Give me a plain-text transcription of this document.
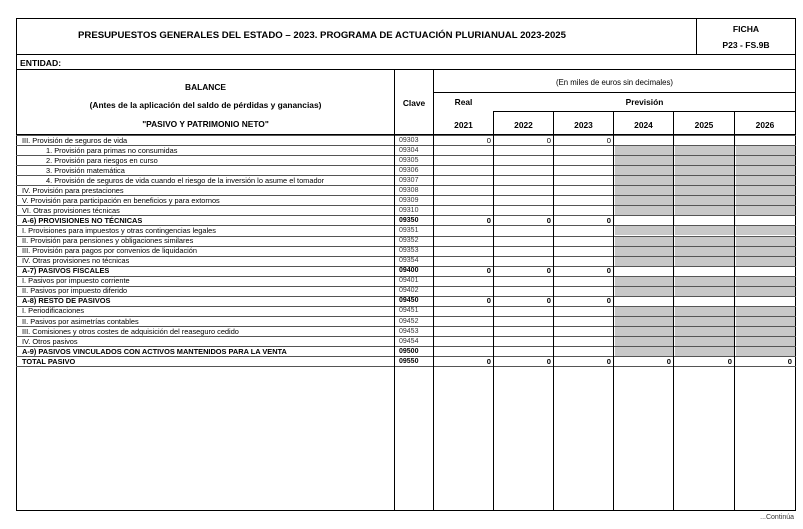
PRESUPUESTOS GENERALES DEL ESTADO – 2023. PROGRAMA DE ACTUACIÓN PLURIANUAL 2023-2025
FICHA
P23 - FS.9B
ENTIDAD:
BALANCE
(Antes de la aplicación del saldo de pérdidas y ganancias)
"PASIVO Y PATRIMONIO NETO"
Clave
(En miles de euros sin decimales)
Real	Previsión
2021	2022	2023	2024	2025	2026
III. Provisión de seguros de vida	09303	0	0	0
1. Provisión para primas no consumidas	09304
2. Provisión para riesgos en curso	09305
3. Provisión matemática	09306
4. Provisión de seguros de vida cuando el riesgo de la inversión lo asume el tomador	09307
IV. Provisión para prestaciones	09308
V. Provisión para participación en beneficios y para extornos	09309
VI. Otras provisiones técnicas	09310
A-6) PROVISIONES NO TÉCNICAS	09350	0	0	0
I. Provisiones para impuestos y otras contingencias legales	09351
II. Provisión para pensiones y obligaciones similares	09352
III. Provisión para pagos por convenios de liquidación	09353
IV. Otras provisiones no técnicas	09354
A-7) PASIVOS FISCALES	09400	0	0	0
I. Pasivos por impuesto corriente	09401
II. Pasivos por impuesto diferido	09402
A-8) RESTO DE PASIVOS	09450	0	0	0
I. Periodificaciones	09451
II. Pasivos por asimetrías contables	09452
III. Comisiones y otros costes de adquisición del reaseguro cedido	09453
IV. Otros pasivos	09454
A-9) PASIVOS VINCULADOS CON ACTIVOS MANTENIDOS PARA LA VENTA	09500
TOTAL PASIVO	09550	0	0	0	0	0	0
...Continúa
